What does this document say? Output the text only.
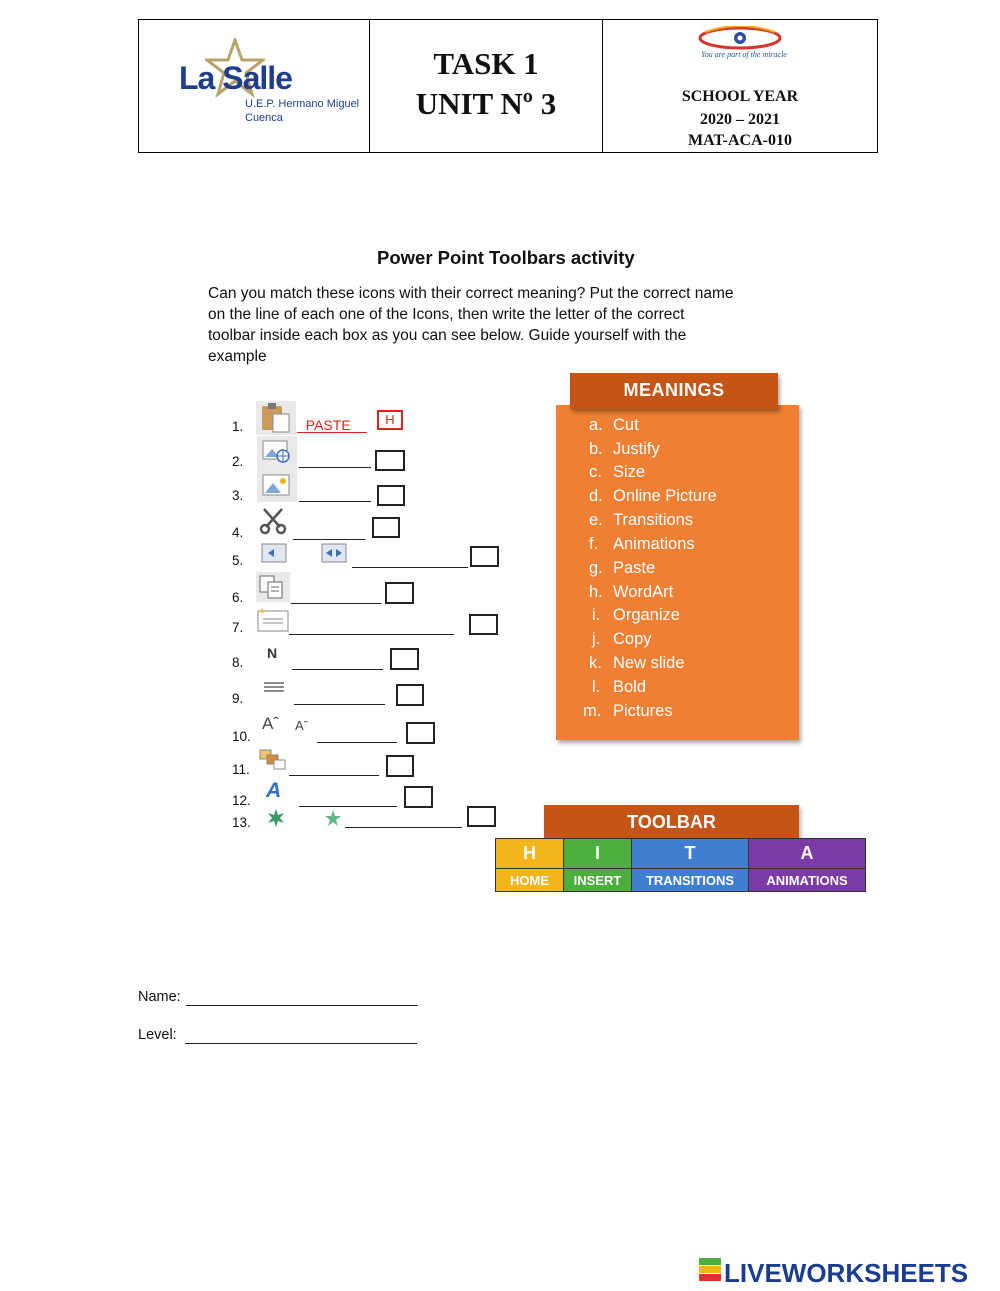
La Salle
U.E.P. Hermano Miguel
Cuenca
TASK 1
UNIT Nº 3
You are part of the miracle
SCHOOL YEAR
2020 – 2021
MAT-ACA-010
Power Point Toolbars activity
Can you match these icons with their correct meaning? Put the correct name
on the line of each one of the Icons, then write the letter of the correct
toolbar inside each box as you can see below. Guide yourself with the
example
1.	_PASTE__	H
2.
3.
4.
5.
6.
7.
8.
N
9.
10.
Aˆ Aˇ
11.
12. A
13.
MEANINGS
a. Cut
b. Justify
c. Size
d. Online Picture
e. Transitions
f. Animations
g. Paste
h. WordArt
i. Organize
j. Copy
k. New slide
l. Bold
m. Pictures
TOOLBAR
H
HOME
I
INSERT
T
TRANSITIONS
A
ANIMATIONS
Name:
Level:
LIVEWORKSHEETS
